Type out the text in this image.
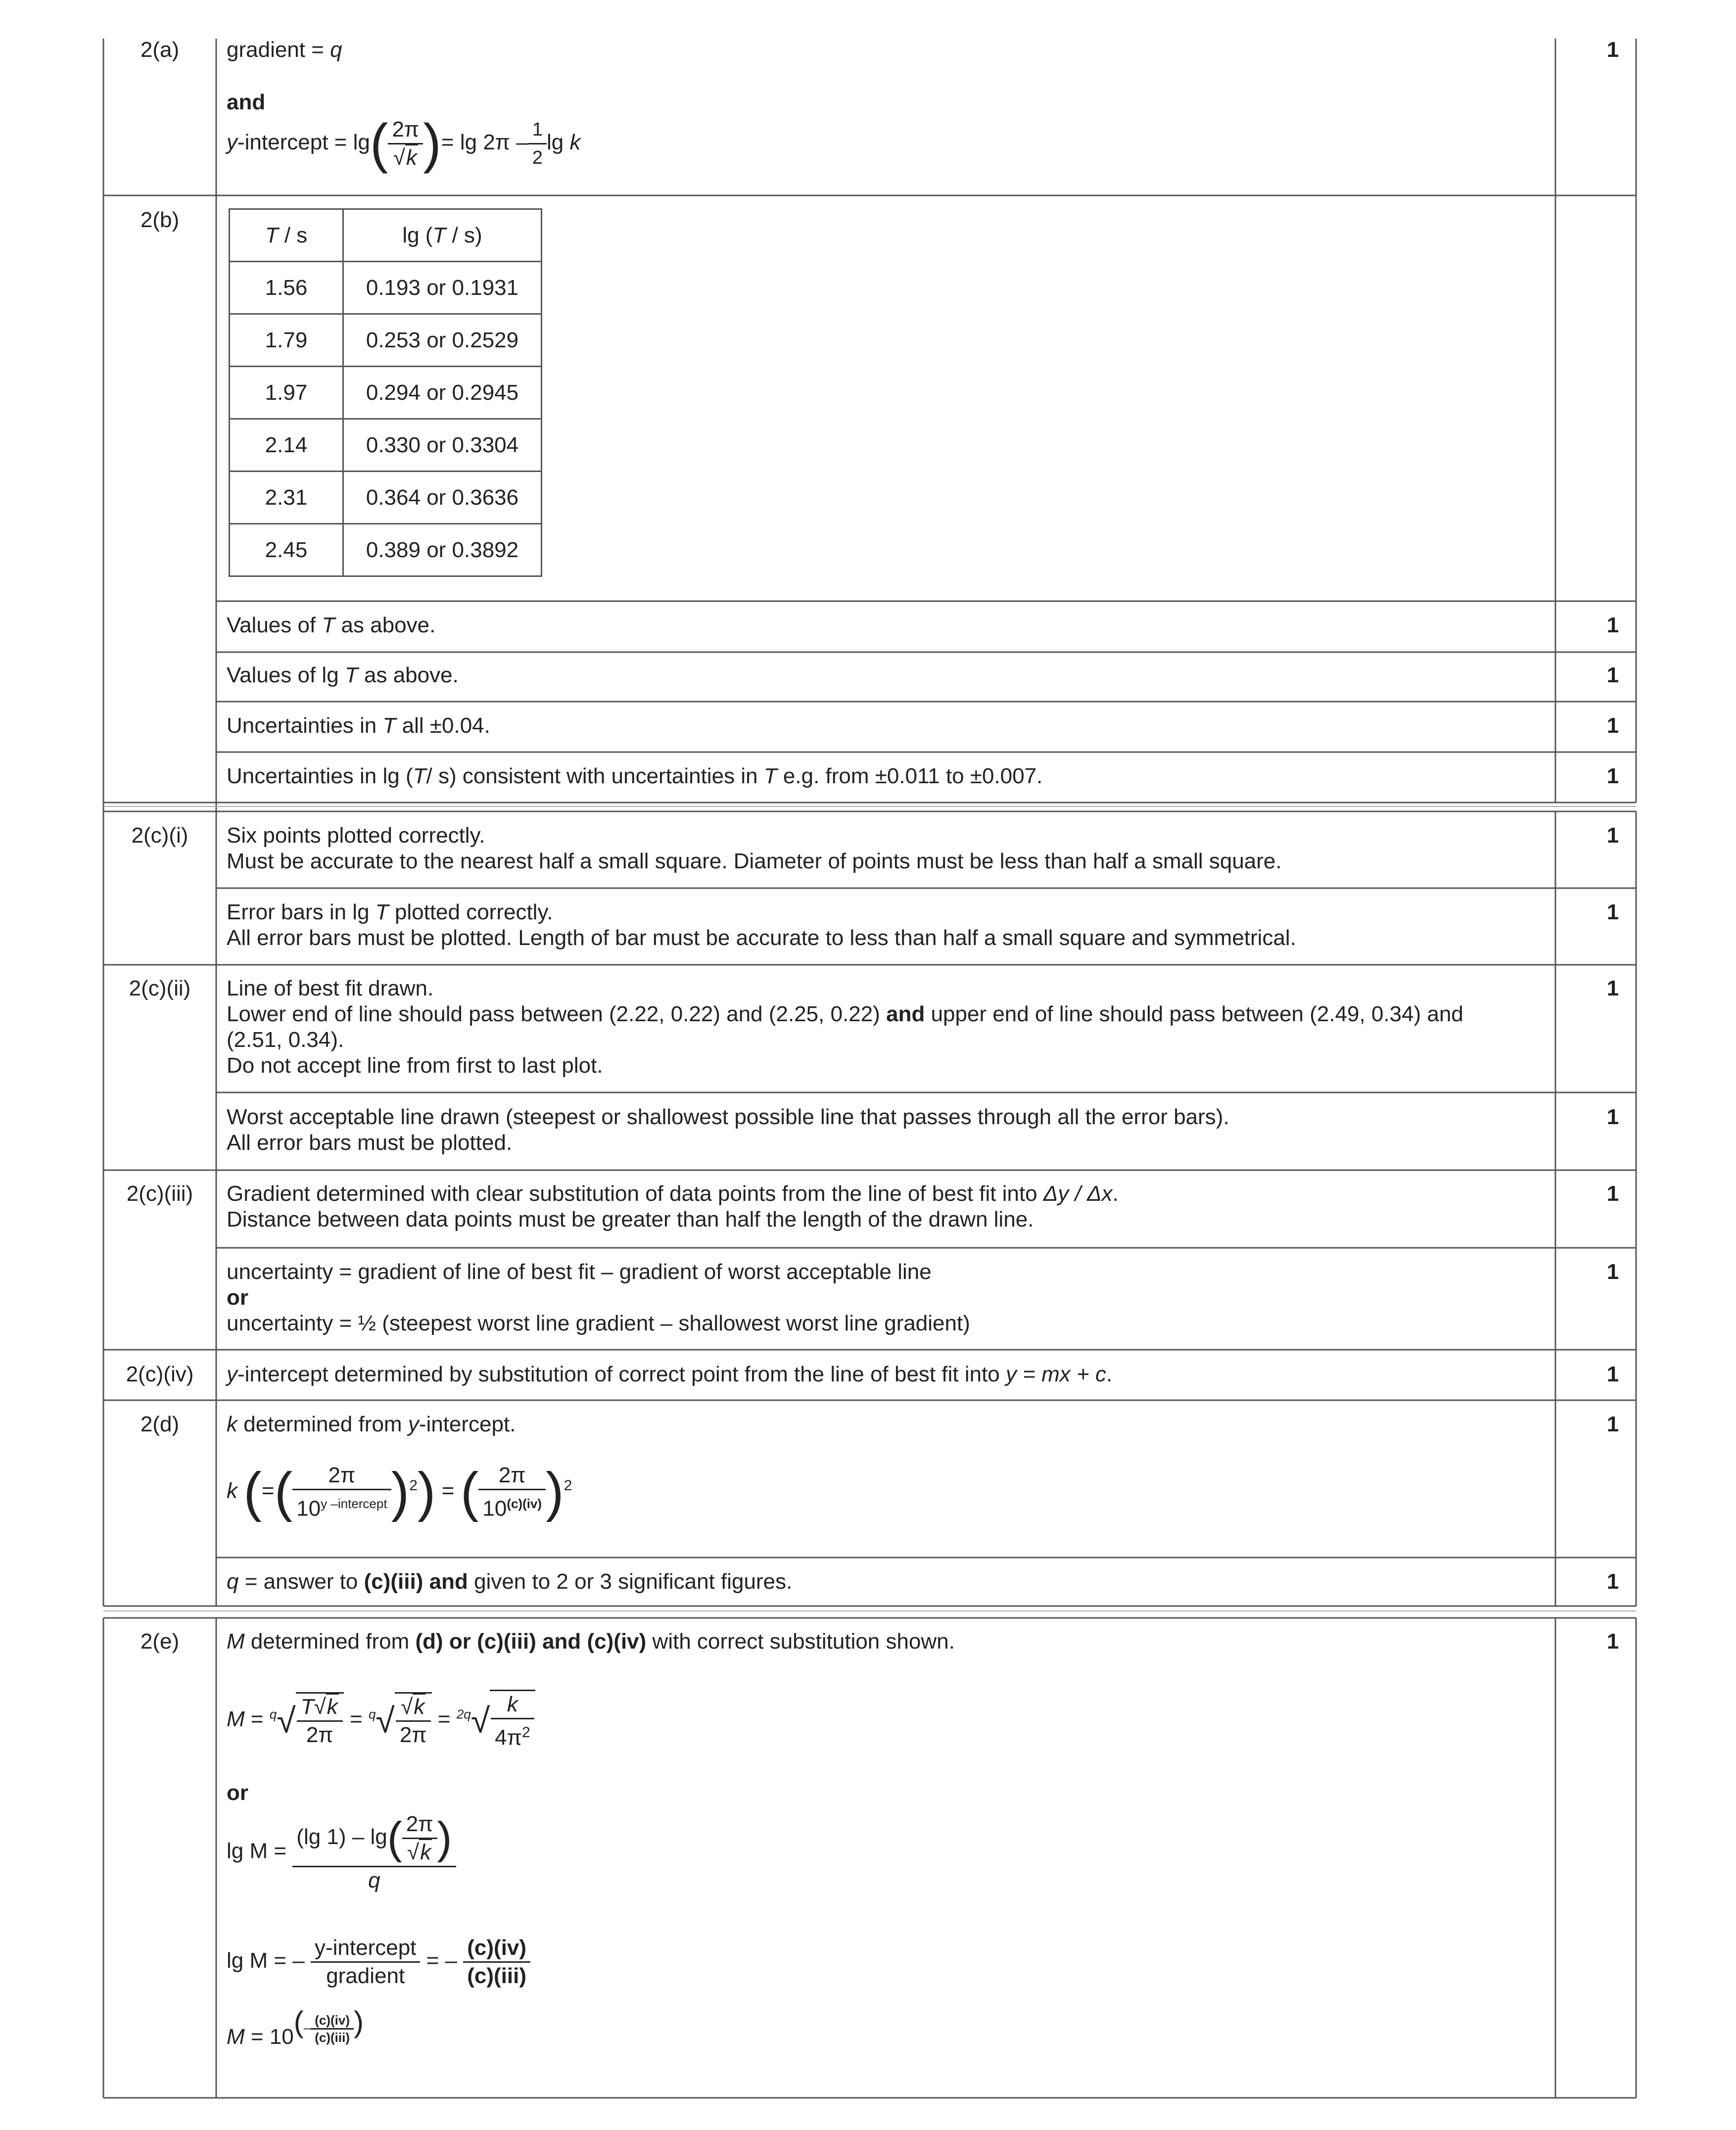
2(a)	gradient = q	1
and
y-intercept = $\lg( \frac{2\pi}{√k}$ )= $\lg 2\pi - \frac{1}{2}$ lg k
2(b)
T / s	lg (T / s)
1.56	0.193 or 0.1931
1.79	0.253 or 0.2529
1.97	0.294 or 0.2945
2.14	0.330 or 0.3304
2.31	0.364 or 0.3636
2.45	0.389 or 0.3892
Values of T as above.	1
Values of lg T as above.	1
Uncertainties in T all ±0.04.	1
Uncertainties in lg (T/ s) consistent with uncertainties in T e.g. from ±0.011 to ±0.007.	1
2(c)(i)	Six points plotted correctly.
Must be accurate to the nearest half a small square. Diameter of points must be less than half a small square.
1
Error bars in lg T plotted correctly.
All error bars must be plotted. Length of bar must be accurate to less than half a small square and symmetrical.
1
2(c)(ii)	Line of best fit drawn.
Lower end of line should pass between (2.22, 0.22) and (2.25, 0.22) and upper end of line should pass between (2.49, 0.34) and
(2.51, 0.34).
Do not accept line from first to last plot.
1
Worst acceptable line drawn (steepest or shallowest possible line that passes through all the error bars).
All error bars must be plotted.
1
2(c)(iii)	Gradient determined with clear substitution of data points from the line of best fit into Δy / Δx.
Distance between data points must be greater than half the length of the drawn line.
1
uncertainty = gradient of line of best fit – gradient of worst acceptable line
or
uncertainty = ½ (steepest worst line gradient – shallowest worst line gradient)
1
2(c)(iv)	y-intercept determined by substitution of correct point from the line of best fit into y = mx + c.	1
2(d)	k determined from y-intercept.	1
k (=( $\frac{2\pi}{10^{y -intercept}} )^2$) = ( $\frac{2\pi}{10^{(c)(iv)}} )^2$
q = answer to (c)(iii) and given to 2 or 3 significant figures.	1
2(e)	M determined from (d) or (c)(iii) and (c)(iv) with correct substitution shown.	1
$M = ^q√ \frac{T√k}{2\pi} = ^q√ \frac{√k}{2\pi} = ^{2q}√ \frac{k}{4\pi^2}$
or
$\lg M = \frac{(\lg 1) - \lg( \frac{2\pi}{√k} )}{q}$
lg M = – $\frac{\text{y-intercept}}{\text{gradient}}$ = – $\frac{(c)(iv)}{\text{(c)(iii)}}$
$M = 10(- \frac{(c)(iv)}{\text{(c)(iii)}}$ )
